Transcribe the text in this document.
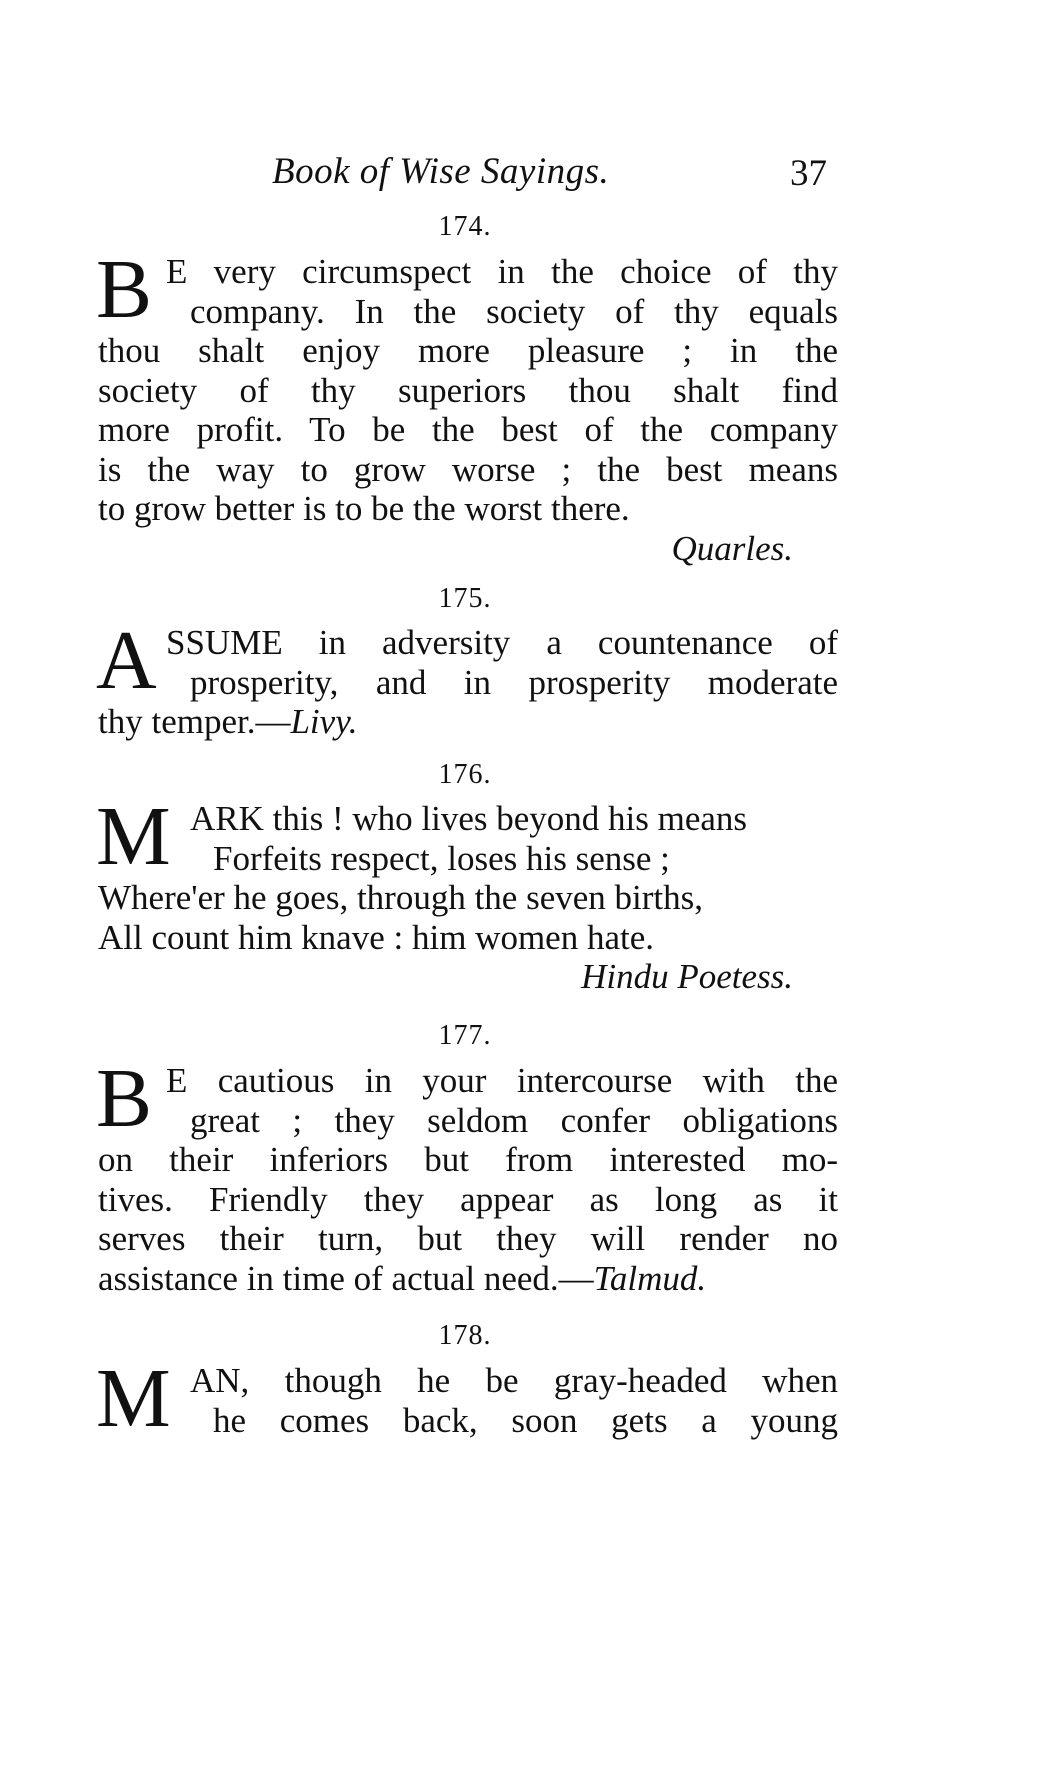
Book of Wise Sayings.	37
174.
B E very circumspect in the choice of thy
company. In the society of thy equals
thou shalt enjoy more pleasure ; in the
society of thy superiors thou shalt find
more profit. To be the best of the company
is the way to grow worse ; the best means
to grow better is to be the worst there.
Quarles.
175.
A SSUME in adversity a countenance of
prosperity, and in prosperity moderate
thy temper.—Livy.
176.
M ARK this ! who lives beyond his means
Forfeits respect, loses his sense ;
Where'er he goes, through the seven births,
All count him knave : him women hate.
Hindu Poetess.
177.
B E cautious in your intercourse with the
great ; they seldom confer obligations
on their inferiors but from interested mo-
tives. Friendly they appear as long as it
serves their turn, but they will render no
assistance in time of actual need.—Talmud.
178.
M AN, though he be gray-headed when
he comes back, soon gets a young
